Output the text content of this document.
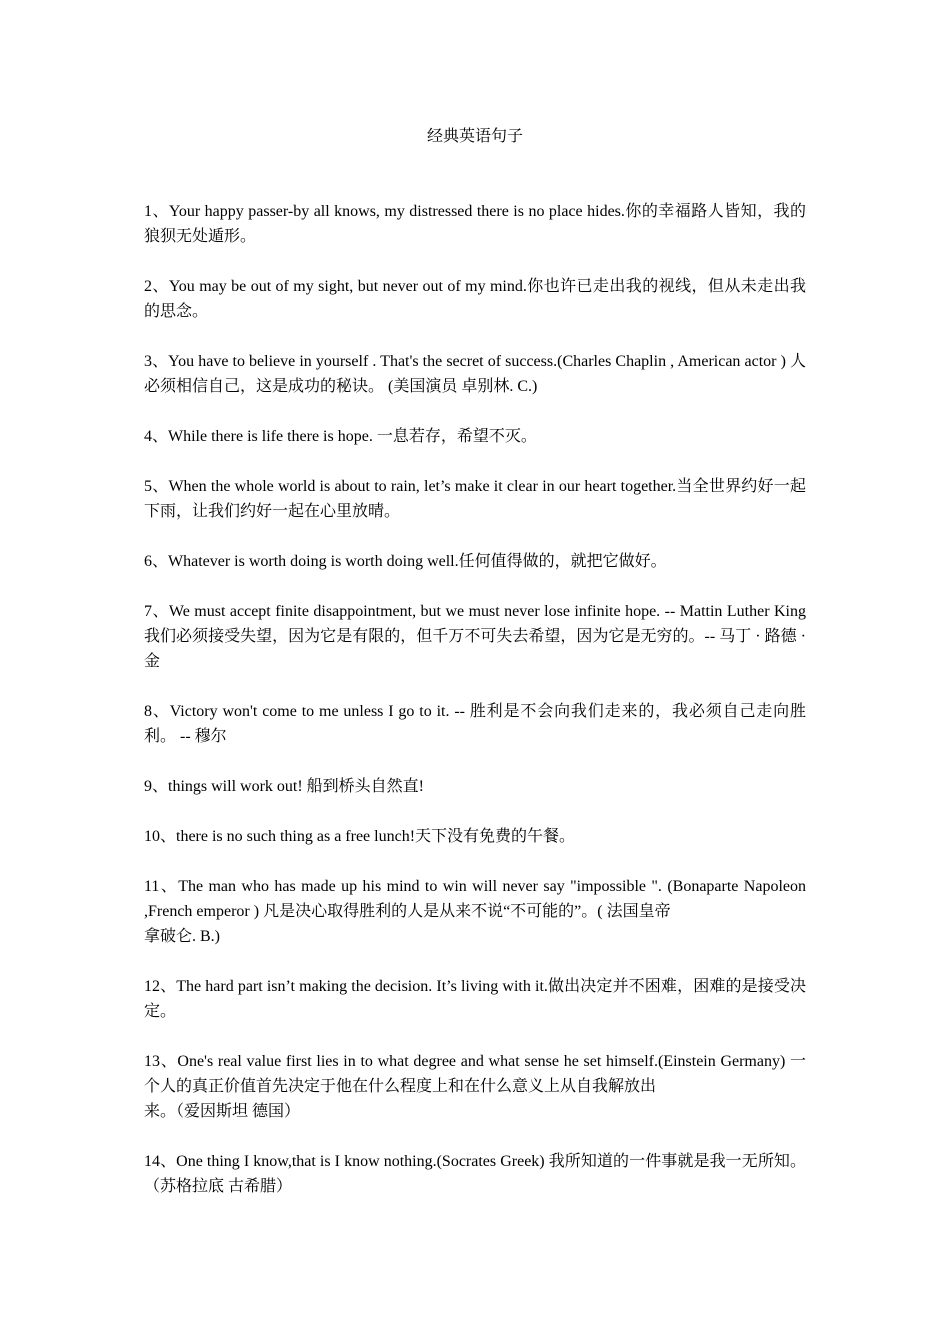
经典英语句子

1、Your happy passer-by all knows, my distressed there is no place hides.你的幸福路人皆知，我的狼狈无处遁形。

2、You may be out of my sight, but never out of my mind.你也许已走出我的视线，但从未走出我的思念。

3、You have to believe in yourself . That's the secret of success.(Charles Chaplin , American actor ) 人必须相信自己，这是成功的秘诀。 (美国演员 卓别林. C.)

4、While there is life there is hope. 一息若存，希望不灭。

5、When the whole world is about to rain, let’s make it clear in our heart together.当全世界约好一起下雨，让我们约好一起在心里放晴。

6、Whatever is worth doing is worth doing well.任何值得做的，就把它做好。

7、We must accept finite disappointment, but we must never lose infinite hope. -- Mattin Luther King 我们必须接受失望，因为它是有限的，但千万不可失去希望，因为它是无穷的。-- 马丁 · 路德 · 金

8、Victory won't come to me unless I go to it. -- 胜利是不会向我们走来的，我必须自己走向胜利。 -- 穆尔

9、things will work out! 船到桥头自然直!

10、there is no such thing as a free lunch!天下没有免费的午餐。

11、The man who has made up his mind to win will never say "impossible ". (Bonaparte Napoleon ,French emperor ) 凡是决心取得胜利的人是从来不说“不可能的”。( 法国皇帝
拿破仑. B.)

12、The hard part isn’t making the decision. It’s living with it.做出决定并不困难，困难的是接受决定。

13、One's real value first lies in to what degree and what sense he set himself.(Einstein Germany) 一个人的真正价值首先决定于他在什么程度上和在什么意义上从自我解放出
来。（爱因斯坦 德国）

14、One thing I know,that is I know nothing.(Socrates Greek) 我所知道的一件事就是我一无所知。（苏格拉底 古希腊）
